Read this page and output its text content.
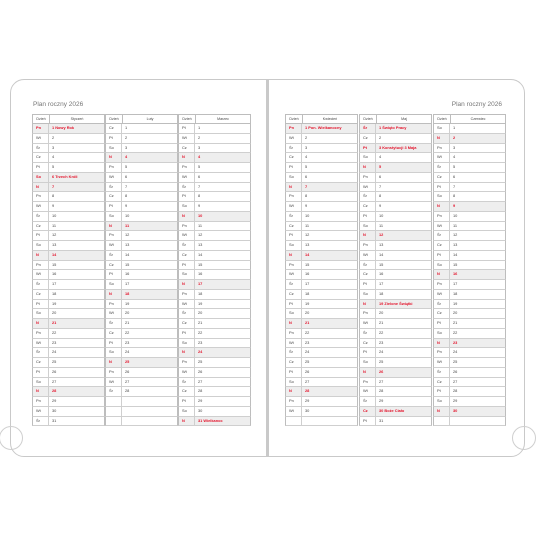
Plan roczny 2026
Dzień	Styczeń
Pn	1 Nowy Rok
Wt	2
Śr	3
Cz	4
Pt	5
So	6 Trzech Króli
N	7
Pn	8
Wt	9
Śr	10
Cz	11
Pt	12
So	13
N	14
Pn	15
Wt	16
Śr	17
Cz	18
Pt	19
So	20
N	21
Pn	22
Wt	23
Śr	24
Cz	25
Pt	26
So	27
N	28
Pn	29
Wt	30
Śr	31
Dzień	Luty
Cz	1
Pt	2
So	3
N	4
Pn	5
Wt	6
Śr	7
Cz	8
Pt	9
So	10
N	11
Pn	12
Wt	13
Śr	14
Cz	15
Pt	16
So	17
N	18
Pn	19
Wt	20
Śr	21
Cz	22
Pt	23
So	24
N	25
Pn	26
Wt	27
Śr	28
Dzień	Marzec
Pt	1
Wt	2
Cz	3
N	4
Pn	5
Wt	6
Śr	7
Pt	8
So	9
N	10
Pn	11
Wt	12
Śr	13
Cz	14
Pt	15
So	16
N	17
Pn	18
Wt	19
Śr	20
Cz	21
Pt	22
So	23
N	24
Pn	25
Wt	26
Śr	27
Cz	28
Pt	29
So	30
N	31 Wielkanoc
Plan roczny 2026
Dzień	Kwiecień
Pn	1 Pon. Wielkanocny
Wt	2
Śr	3
Cz	4
Pt	5
So	6
N	7
Pn	8
Wt	9
Śr	10
Cz	11
Pt	12
So	13
N	14
Pn	15
Wt	16
Śr	17
Cz	18
Pt	19
So	20
N	21
Pn	22
Wt	23
Śr	24
Cz	25
Pt	26
So	27
N	28
Pn	29
Wt	30
Dzień	Maj
Śr	1 Święto Pracy
Cz	2
Pt	3 Konstytucji 3 Maja
So	4
N	5
Pn	6
Wt	7
Śr	8
Cz	9
Pt	10
So	11
N	12
Pn	13
Wt	14
Śr	15
Cz	16
Pt	17
So	18
N	19 Zielone Świątki
Pn	20
Wt	21
Śr	22
Cz	23
Pt	24
So	25
N	26
Pn	27
Wt	28
Śr	29
Cz	30 Boże Ciało
Pt	31
Dzień	Czerwiec
So	1
N	2
Pn	3
Wt	4
Śr	5
Cz	6
Pt	7
So	8
N	9
Pn	10
Wt	11
Śr	12
Cz	13
Pt	14
So	15
N	16
Pn	17
Wt	18
Śr	19
Cz	20
Pt	21
So	22
N	23
Pn	24
Wt	25
Śr	26
Cz	27
Pt	28
So	29
N	30
